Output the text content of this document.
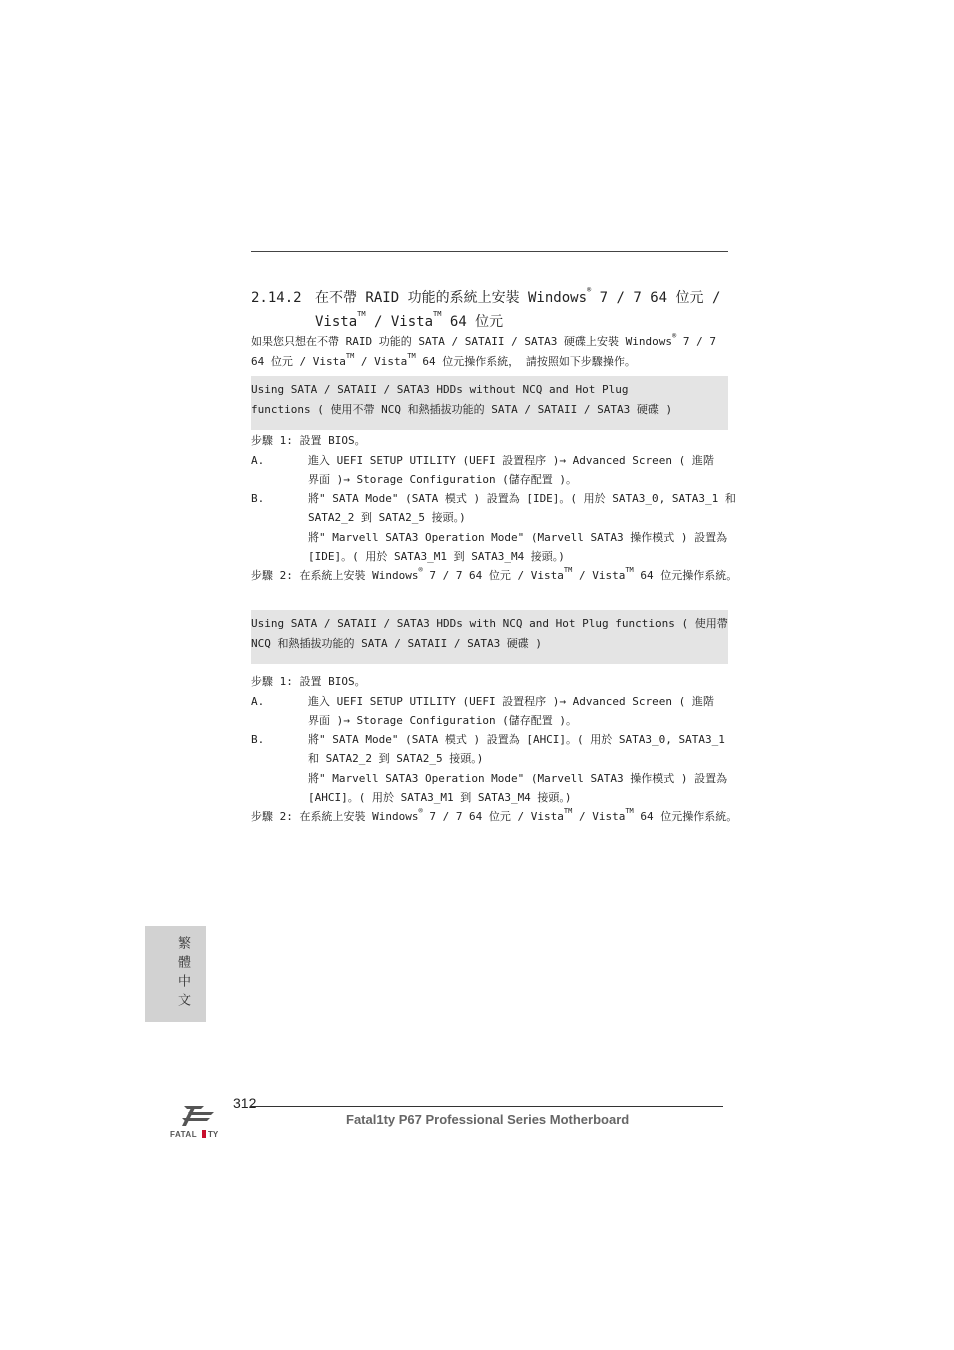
2.14.2 在不帶 RAID 功能的系統上安裝 Windows® 7 / 7 64 位元 /
Vista™ / Vista™ 64 位元
如果您只想在不帶 RAID 功能的 SATA / SATAII / SATA3 硬碟上安裝 Windows® 7 / 7
64 位元 / Vista™ / Vista™ 64 位元操作系統， 請按照如下步驟操作。
Using SATA / SATAII / SATA3 HDDs without NCQ and Hot Plug
functions ( 使用不帶 NCQ 和熱插拔功能的 SATA / SATAII / SATA3 硬碟 )
步驟 1: 設置 BIOS。
A.	進入 UEFI SETUP UTILITY (UEFI 設置程序 )→ Advanced Screen ( 進階
界面 )→ Storage Configuration (儲存配置 )。
B.	將" SATA Mode" (SATA 模式 ) 設置為 [IDE]。( 用於 SATA3_0, SATA3_1 和
SATA2_2 到 SATA2_5 接頭。)
將" Marvell SATA3 Operation Mode" (Marvell SATA3 操作模式 ) 設置為
[IDE]。( 用於 SATA3_M1 到 SATA3_M4 接頭。)
步驟 2: 在系統上安裝 Windows® 7 / 7 64 位元 / Vista™ / Vista™ 64 位元操作系統。
Using SATA / SATAII / SATA3 HDDs with NCQ and Hot Plug functions ( 使用帶
NCQ 和熱插拔功能的 SATA / SATAII / SATA3 硬碟 )
步驟 1: 設置 BIOS。
A.	進入 UEFI SETUP UTILITY (UEFI 設置程序 )→ Advanced Screen ( 進階
界面 )→ Storage Configuration (儲存配置 )。
B.	將" SATA Mode" (SATA 模式 ) 設置為 [AHCI]。( 用於 SATA3_0, SATA3_1
和 SATA2_2 到 SATA2_5 接頭。)
將" Marvell SATA3 Operation Mode" (Marvell SATA3 操作模式 ) 設置為
[AHCI]。( 用於 SATA3_M1 到 SATA3_M4 接頭。)
步驟 2: 在系統上安裝 Windows® 7 / 7 64 位元 / Vista™ / Vista™ 64 位元操作系統。
繁體中文
FATAL TY
312
Fatal1ty P67 Professional Series Motherboard
